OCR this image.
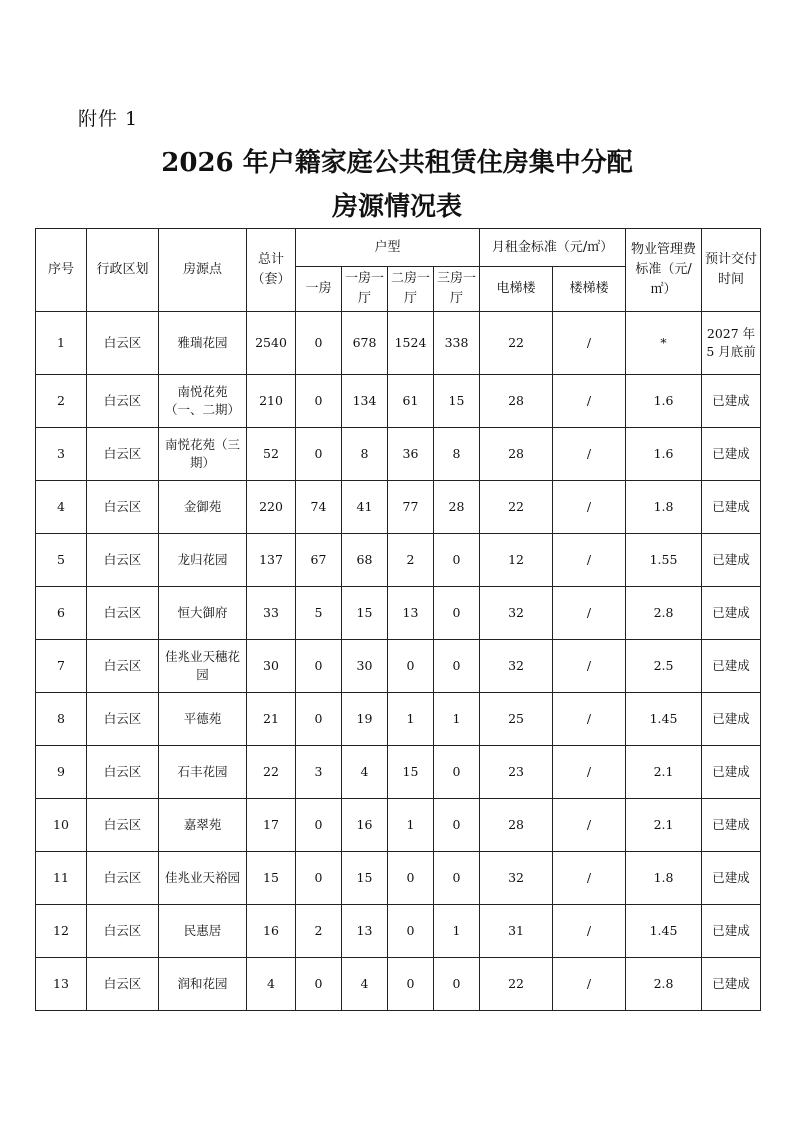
附件 1
2026 年户籍家庭公共租赁住房集中分配
房源情况表
序号	行政区划	房源点	总计（套）	户型				月租金标准（元/㎡）		物业管理费标准（元/㎡）	预计交付时间
				一房	一房一厅	二房一厅	三房一厅	电梯楼	楼梯楼		
1	白云区	雅瑞花园	2540	0	678	1524	338	22	/	*	2027 年 5 月底前
2	白云区	南悦花苑（一、二期）	210	0	134	61	15	28	/	1.6	已建成
3	白云区	南悦花苑（三期）	52	0	8	36	8	28	/	1.6	已建成
4	白云区	金御苑	220	74	41	77	28	22	/	1.8	已建成
5	白云区	龙归花园	137	67	68	2	0	12	/	1.55	已建成
6	白云区	恒大御府	33	5	15	13	0	32	/	2.8	已建成
7	白云区	佳兆业天穗花园	30	0	30	0	0	32	/	2.5	已建成
8	白云区	平德苑	21	0	19	1	1	25	/	1.45	已建成
9	白云区	石丰花园	22	3	4	15	0	23	/	2.1	已建成
10	白云区	嘉翠苑	17	0	16	1	0	28	/	2.1	已建成
11	白云区	佳兆业天裕园	15	0	15	0	0	32	/	1.8	已建成
12	白云区	民惠居	16	2	13	0	1	31	/	1.45	已建成
13	白云区	润和花园	4	0	4	0	0	22	/	2.8	已建成
